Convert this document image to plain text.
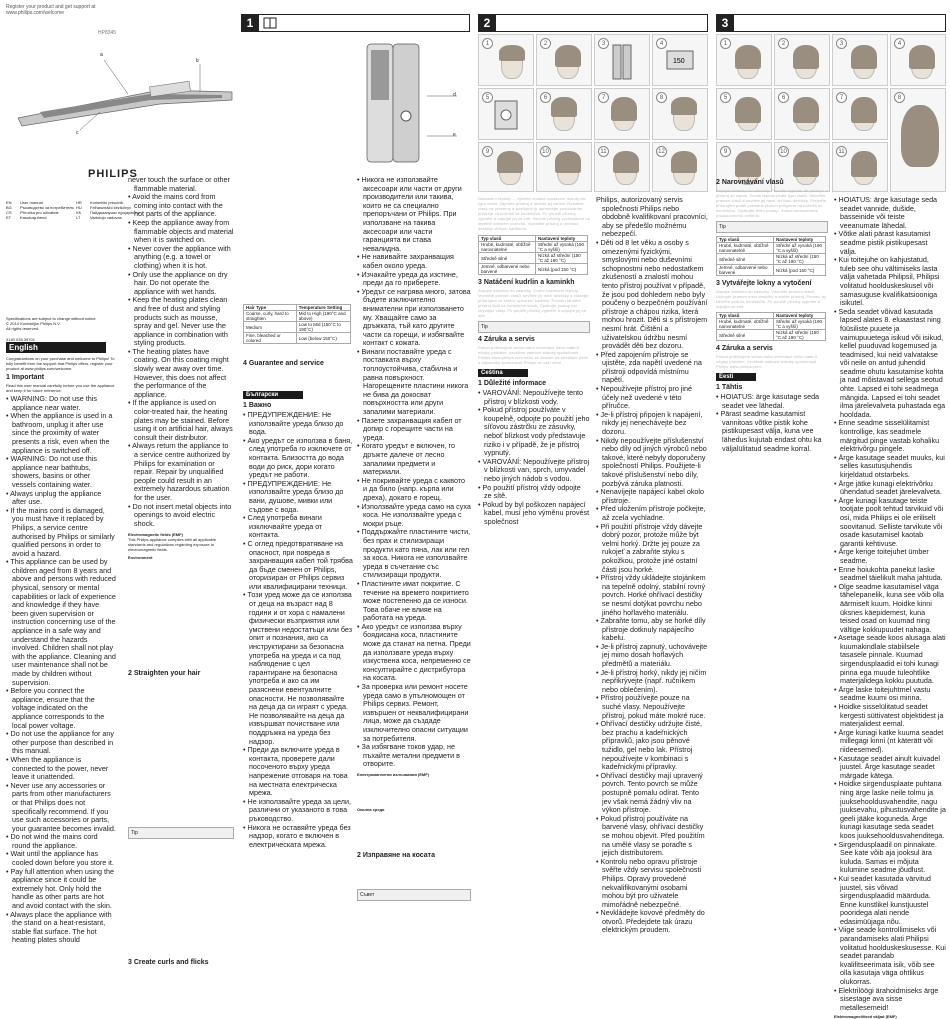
Register your product and get support at
www.philips.com/welcome
HP8345
a
b
c
PHILIPS
EN	User manual
BG	Ръководство за потребителя
CS	Příručka pro uživatele
ET	Kasutusjuhend
HR	Korisnički priručnik
HU	Felhasználói kézikönyv
KK	Пайдаланушы нұсқаулығы
LT	Vartotojo vadovas
Specifications are subject to change without notice
© 2014 Koninklijke Philips N.V.
All rights reserved.
3140 035 39701
English
Congratulations on your purchase and welcome to Philips! To fully benefit from the support that Philips offers, register your product at www.philips.com/welcome.
1 Important
Read this user manual carefully before you use the appliance and keep it for future reference.
• WARNING: Do not use this appliance near water.
• When the appliance is used in a bathroom, unplug it after use since the proximity of water presents a risk, even when the appliance is switched off.
• WARNING: Do not use this appliance near bathtubs, showers, basins or other vessels containing water.
• Always unplug the appliance after use.
• If the mains cord is damaged, you must have it replaced by Philips, a service centre authorised by Philips or similarly qualified persons in order to avoid a hazard.
• This appliance can be used by children aged from 8 years and above and persons with reduced physical, sensory or mental capabilities or lack of experience and knowledge if they have been given supervision or instruction concerning use of the appliance in a safe way and understand the hazards involved. Children shall not play with the appliance. Cleaning and user maintenance shall not be made by children without supervision.
• Before you connect the appliance, ensure that the voltage indicated on the appliance corresponds to the local power voltage.
• Do not use the appliance for any other purpose than described in this manual.
• When the appliance is connected to the power, never leave it unattended.
• Never use any accessories or parts from other manufacturers or that Philips does not specifically recommend. If you use such accessories or parts, your guarantee becomes invalid.
• Do not wind the mains cord round the appliance.
• Wait until the appliance has cooled down before you store it.
• Pay full attention when using the appliance since it could be extremely hot. Only hold the handle as other parts are hot and avoid contact with the skin.
• Always place the appliance with the stand on a heat-resistant, stable flat surface. The hot heating plates should
never touch the surface or other flammable material.
• Avoid the mains cord from coming into contact with the hot parts of the appliance.
• Keep the appliance away from flammable objects and material when it is switched on.
• Never cover the appliance with anything (e.g. a towel or clothing) when it is hot.
• Only use the appliance on dry hair. Do not operate the appliance with wet hands.
• Keep the heating plates clean and free of dust and styling products such as mousse, spray and gel. Never use the appliance in combination with styling products.
• The heating plates have coating. On this coating might slowly wear away over time. However, this does not affect the performance of the appliance.
• If the appliance is used on color-treated hair, the heating plates may be stained. Before using it on artificial hair, always consult their distributor.
• Always return the appliance to a service centre authorized by Philips for examination or repair. Repair by unqualified people could result in an extremely hazardous situation for the user.
• Do not insert metal objects into openings to avoid electric shock.
Electromagnetic fields (EMF)
This Philips appliance complies with all applicable standards and regulations regarding exposure to electromagnetic fields.
Environment
2 Straighten your hair
Tip
3 Create curls and flicks
1
d
e
Hair Type	Temperature Setting
Coarse, curly, hard to straighten	Mid to High (190°C and above)
Medium	Low to Mid (150°C to 190°C)
Fine, bleached or colored	Low (below 150°C)
4 Guarantee and service
Български
1 Важно
• ПРЕДУПРЕЖДЕНИЕ: Не използвайте уреда близо до вода.
• Ако уредът се използва в баня, след употреба го изключете от контакта. Близостта до вода води до риск, дори когато уредът не работи.
• ПРЕДУПРЕЖДЕНИЕ: Не използвайте уреда близо до вани, душове, мивки или съдове с вода.
• След употреба винаги изключвайте уреда от контакта.
• С оглед предотвратяване на опасност, при повреда в захранващия кабел той трябва да бъде сменен от Philips, оторизиран от Philips сервиз или квалифицирани техници.
• Този уред може да се използва от деца на възраст над 8 години и от хора с намалени физически възприятия или умствени недостатъци или без опит и познания, ако са инструктирани за безопасна употреба на уреда и са под наблюдение с цел гарантиране на безопасна употреба и ако са им разяснени евентуалните опасности. Не позволявайте на деца да си играят с уреда. Не позволявайте на деца да извършват почистване или поддръжка на уреда без надзор.
• Преди да включите уреда в контакта, проверете дали посоченото върху уреда напрежение отговаря на това на местната електрическа мрежа.
• Не използвайте уреда за цели, различни от указаното в това ръководство.
• Никога не оставяйте уреда без надзор, когато е включен в електрическата мрежа.
• Никога не използвайте аксесоари или части от други производители или такива, които не са специално препоръчани от Philips. При използване на такива аксесоари или части гаранцията ви става невалидна.
• Не навивайте захранващия кабел около уреда.
• Изчакайте уреда да изстине, преди да го приберете.
• Уредът се нагрява много, затова бъдете изключително внимателни при използването му. Хващайте само за дръжката, тъй като другите части са горещи, и избягвайте контакт с кожата.
• Винаги поставяйте уреда с поставката върху топлоустойчива, стабилна и равна повърхност. Нагорещените пластини никога не бива да докосват повърхността или други запалими материали.
• Пазете захранващия кабел от допир с горещите части на уреда.
• Когато уредът е включен, го дръжте далече от лесно запалими предмети и материали.
• Не покривайте уреда с каквото и да било (напр. кърпа или дреха), докато е горещ.
• Използвайте уреда само на суха коса. Не използвайте уреда с мокри ръце.
• Поддържайте пластините чисти, без прах и стилизиращи продукти като пяна, лак или гел за коса. Никога не използвайте уреда в съчетание със стилизиращи продукти.
• Пластините имат покритие. С течение на времето покритието може постепенно да се износи. Това обаче не влияе на работата на уреда.
• Ако уредът се използва върху боядисана коса, пластините може да станат на петна. Преди да използвате уреда върху изкуствена коса, непременно се консултирайте с дистрибутора на косата.
• За проверка или ремонт носете уреда само в упълномощен от Philips сервиз. Ремонт, извършен от неквалифицирани лица, може да създаде изключително опасни ситуации за потребителя.
• За избягване токов удар, не пъхайте метални предмети в отворите.
Електромагнитни излъчвания (EMF)
Околна среда
2 Изправяне на косата
Съвет
2
1	2	3	4
150
5	6	7	8
9	10	11	12
Nastavení teploty … vyberte vhodné nastavení teploty dle typu vlasů. Zapněte přístroj a nechte jej zahřát. Rozdělte vlasy na prameny a postupně je narovnejte posouváním přístroje od kořínků ke konečkům. Po použití přístroj vypněte a odpojte jej ze sítě. Nechte přístroj vychladnout na tepelně odolném povrchu. Vyčistěte přístroj a ohřívací destičky vlhkým hadříkem.
Typ vlasů	Nastavení teploty
Hrubé, kudrnaté, obtížně narovnatelné	Střední až vysoká (190 °C a vyšší)
Středně silné	Nízká až střední (150 °C až 190 °C)
Jemné, odbarvené nebo barvené	Nízká (pod 150 °C)
3 Natáčení kudrlin a kaminkh
Zapojte zástrčku do zásuvky. Zvolte nastavení teploty. Vezměte pramen vlasů, sevřete jej mezi destičky a otáčejte přístrojem ve směru vytvoření kudrliny. Pomalu táhněte přístroj dolů ke konečkům vlasů. Opakujte postup pro zbývající vlasy. Po použití přístroj vypněte a odpojte jej ze sítě.
Tip
4 Záruka a servis
Pokud potřebujete servis nebo informace nebo máte-li nějaký problém, navštivte webové stránky společnosti Philips www.philips.com nebo se obraťte na středisko péče o zákazníky společnosti Philips ve vaší zemi.
Čeština
1 Důležité informace
• VAROVÁNÍ: Nepoužívejte tento přístroj v blízkosti vody.
• Pokud přístroj používáte v koupelně, odpojte po použití jeho síťovou zástrčku ze zásuvky, neboť blízkost vody představuje riziko i v případě, že je přístroj vypnutý.
• VAROVÁNÍ: Nepoužívejte přístroj v blízkosti van, sprch, umyvadel nebo jiných nádob s vodou.
• Po použití přístroj vždy odpojte ze sítě.
• Pokud by byl poškozen napájecí kabel, musí jeho výměnu provést společnost
Philips, autorizovaný servis společnosti Philips nebo obdobně kvalifikovaní pracovníci, aby se předešlo možnému nebezpečí.
• Děti od 8 let věku a osoby s omezenými fyzickými, smyslovými nebo duševními schopnostmi nebo nedostatkem zkušeností a znalostí mohou tento přístroj používat v případě, že jsou pod dohledem nebo byly poučeny o bezpečném používání přístroje a chápou rizika, která mohou hrozit. Děti si s přístrojem nesmí hrát. Čištění a uživatelskou údržbu nesmí provádět děti bez dozoru.
• Před zapojením přístroje se ujistěte, zda napětí uvedené na přístroji odpovídá místnímu napětí.
• Nepoužívejte přístroj pro jiné účely než uvedené v této příručce.
• Je-li přístroj připojen k napájení, nikdy jej nenechávejte bez dozoru.
• Nikdy nepoužívejte příslušenství nebo díly od jiných výrobců nebo takové, které nebyly doporučeny společností Philips. Použijete-li takové příslušenství nebo díly, pozbývá záruka platnosti.
• Nenavíjejte napájecí kabel okolo přístroje.
• Před uložením přístroje počkejte, až zcela vychladne.
• Při použití přístroje vždy dávejte dobrý pozor, protože může být velmi horký. Držte jej pouze za rukojeť a zabraňte styku s pokožkou, protože jiné ostatní části jsou horké.
• Přístroj vždy ukládejte stojánkem na tepelně odolný, stabilní rovný povrch. Horké ohřívací destičky se nesmí dotýkat povrchu nebo jiného hořlavého materiálu.
• Zabraňte tomu, aby se horké díly přístroje dotknuly napájecího kabelu.
• Je-li přístroj zapnutý, uchovávejte jej mimo dosah hořlavých předmětů a materiálu.
• Je-li přístroj horký, nikdy jej ničím nepřikrývejte (např. ručníkem nebo oblečením).
• Přístroj používejte pouze na suché vlasy. Nepoužívejte přístroj, pokud máte mokré ruce.
• Ohřívací destičky udržujte čisté, bez prachu a kadeřnických přípravků, jako jsou pěnové tužidlo, gel nebo lak. Přístroj nepoužívejte v kombinaci s kadeřnickými přípravky.
• Ohřívací destičky mají upravený povrch. Tento povrch se může postupně pomalu odírat. Tento jev však nemá žádný vliv na výkon přístroje.
• Pokud přístroj používáte na barvené vlasy, ohřívací destičky se mohou objevit. Před použitím na umělé vlasy se poraďte s jejich distributorem.
• Kontrolu nebo opravu přístroje svěřte vždy servisu společnosti Philips. Opravy provedené nekvalifikovanými osobami mohou být pro uživatele mimořádně nebezpečné.
• Nevkládejte kovové předměty do otvorů. Předejdete tak úrazu elektrickým proudem.
3
1	2	3	4
5	6	7	8
9	10	11
2 Narovnávání vlasů
Zapojte zástrčku do zásuvky. Posuňte vypínač do polohy I a přístroj se zapne. Zvolte teplotu podle typu vlasů. Vezměte pramen vlasů a sevřete jej mezi ohřívací destičky. Přejeďte přístrojem podél pramene jedním pohybem od kořínků ke konečkům. Opakujte tento postup, dokud nedosáhnete požadovaného vzhledu.
Tip
Typ vlasů	Nastavení teploty
Hrubé, kudrnaté, obtížně narovnatelné	Střední až vysoká (190 °C a vyšší)
Středně silné	Nízká až střední (150 °C až 190 °C)
Jemné, odbarvené nebo barvené	Nízká (pod 150 °C)
3 Vytvářejte lokny a vytočení
Zapojte zástrčku do zásuvky. Vezměte pramen vlasů. Uchopte pramen mezi destičky a otočte přístroj. Pomalu jej táhněte dolů ke konečkům. Po použití přístroj vypněte a odpojte ze sítě.
Typ vlasů	Nastavení teploty
Hrubé, kudrnaté, obtížně narovnatelné	Střední až vysoká (190 °C a vyšší)
Středně silné	Nízká až střední (150 °C až 190 °C)
4 Záruka a servis
Pokud potřebujete servis nebo informace nebo máte-li nějaký problém, navštivte webové stránky společnosti Philips www.philips.com.
Eesti
1 Tähtis
• HOIATUS: ärge kasutage seda seadet vee lähedal.
• Pärast seadme kasutamist vannitoas võtke pistik kohe pistikupesast välja, kuna vee lähedus kujutab endast ohtu ka väljalülitatud seadme korral.
• HOIATUS: ärge kasutage seda seadet vannide, dušide, basseinide või teiste veeanumate lähedal.
• Võtke alati pärast kasutamist seadme pistik pistikupesast välja.
• Kui toitejuhe on kahjustatud, tuleb see ohu vältimiseks lasta välja vahetada Philipsil, Philipsi volitatud hoolduskeskusel või samasuguse kvalifikatsiooniga isikutel.
• Seda seadet võivad kasutada lapsed alates 8. eluaastast ning füüsiliste puuete ja vaimupuuetega isikud või isikud, kellel puuduvad kogemused ja teadmised, kui neid valvatakse või neile on antud juhendid seadme ohutu kasutamise kohta ja nad mõistavad sellega seotud ohte. Lapsed ei tohi seadmega mängida. Lapsed ei tohi seadet ilma järelevalveta puhastada ega hooldada.
• Enne seadme sisselülitamist kontrollige, kas seadmele märgitud pinge vastab kohaliku elektrivõrgu pingele.
• Ärge kasutage seadet muuks, kui selles kasutusjuhendis kirjeldatud otstarbeks.
• Ärge jätke kunagi elektrivõrku ühendatud seadet järelevalveta.
• Ärge kunagi kasutage teiste tootjate poolt tehtud tarvikuid või osi, mida Philips ei ole eriliselt soovitanud. Selliste tarvikute või osade kasutamisel kaotab garantii kehtivuse.
• Ärge kerige toitejuhet ümber seadme.
• Enne hoiukohta panekut laske seadmel täielikult maha jahtuda.
• Olge seadme kasutamisel väga tähelepanelik, kuna see võib olla äärmiselt kuum. Hoidke kinni üksnes käepidemest, kuna teised osad on kuumad ning vältige kokkupuudet nahaga.
• Asetage seade koos alusaga alati kuumakindlale stabiilsele tasasele pinnale. Kuumad sirgendusplaadid ei tohi kunagi pinna ega muude tuleohtlike materjalidega kokku puutuda.
• Ärge laske toitejuhtmel vastu seadme kuumi osi minna.
• Hoidke sisselülitatud seadet kergesti süttivatest objektidest ja materjalidest eemal.
• Ärge kunagi katke kuuma seadet millegagi kinni (nt käterätt või riideesemed).
• Kasutage seadet ainult kuivadel juustel. Ärge kasutage seadet märgade kätega.
• Hoidke sirgendusplaate puhtana ning ärge laske neile tolmu ja juuksehooldusvahendite, nagu juuksevahu, pihustusvahendite ja geeli jääke koguneda. Ärge kunagi kasutage seda seadet koos juuksehooldusvahenditega.
• Sirgendusplaadil on pinnakate. See kate võib aja jooksul ära kuluda. Samas ei mõjuta kulumine seadme jõudlust.
• Kui seadet kasutada värvitud juustel, siis võivad sirgendusplaadid määrduda. Enne kunstlikel kunstjuustel pooridega alati nende edasimüüjaga nõu.
• Viige seade kontrollimiseks või parandamiseks alati Philipsi volitatud hoolduskeskusesse. Kui seadet parandab kvalifitseerimata isik, võib see olla kasutaja väga ohtlikus olukorras.
• Elektrilöögi ärahoidmiseks ärge sisestage ava sisse metallesemeid!
Elektromagnetilised väljad (EMF)
